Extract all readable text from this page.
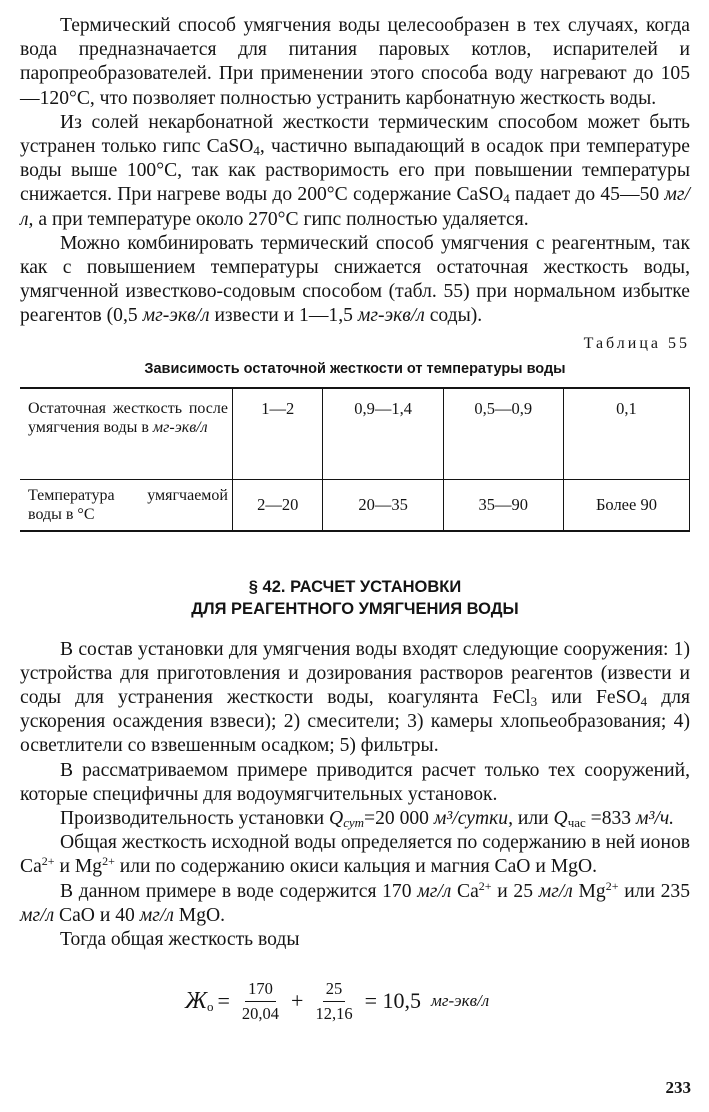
Термический способ умягчения воды целесообразен в тех случаях, когда вода предназначается для питания паровых котлов, испарителей и паропреобразователей. При применении этого способа воду нагревают до 105—120°С, что позволяет полностью устранить карбонатную жесткость воды.

Из солей некарбонатной жесткости термическим способом может быть устранен только гипс CaSO$_4$, частично выпадающий в осадок при температуре воды выше 100°С, так как растворимость его при повышении температуры снижается. При нагреве воды до 200°С содержание CaSO$_4$ падает до 45—50 мг/л, а при температуре около 270°С гипс полностью удаляется.

Можно комбинировать термический способ умягчения с реагентным, так как с повышением температуры снижается остаточная жесткость воды, умягченной известково-содовым способом (табл. 55) при нормальном избытке реагентов (0,5 мг-экв/л извести и 1—1,5 мг-экв/л соды).

Таблица 55
Зависимость остаточной жесткости от температуры воды
Остаточная жесткость после умягчения воды в мг-экв/л	1—2	0,9—1,4	0,5—0,9	0,1
Температура умягчаемой воды в °С	2—20	20—35	35—90	Более 90
§ 42. РАСЧЕТ УСТАНОВКИ
ДЛЯ РЕАГЕНТНОГО УМЯГЧЕНИЯ ВОДЫ

В состав установки для умягчения воды входят следующие сооружения: 1) устройства для приготовления и дозирования растворов реагентов (извести и соды для устранения жесткости воды, коагулянта FeCl$_3$ или FeSO$_4$ для ускорения осаждения взвеси); 2) смесители; 3) камеры хлопьеобразования; 4) осветлители со взвешенным осадком; 5) фильтры.

В рассматриваемом примере приводится расчет только тех сооружений, которые специфичны для водоумягчительных установок.

Производительность установки $Q_{сут}=20$ 000 м³/сутки, или $Q_{час} =833$ м³/ч.

Общая жесткость исходной воды определяется по содержанию в ней ионов $Ca^{2+}$ и $Mg^{2+}$ или по содержанию окиси кальция и магния CaO и MgO.

В данном примере в воде содержится 170 мг/л $Ca^{2+}$ и 25 мг/л $Mg^{2+}$ или 235 мг/л CaO и 40 мг/л MgO.

Тогда общая жесткость воды

$Ж_о = \frac{170}{20,04} + \frac{25}{12,16} = 10,5$ мг-экв/л
233
